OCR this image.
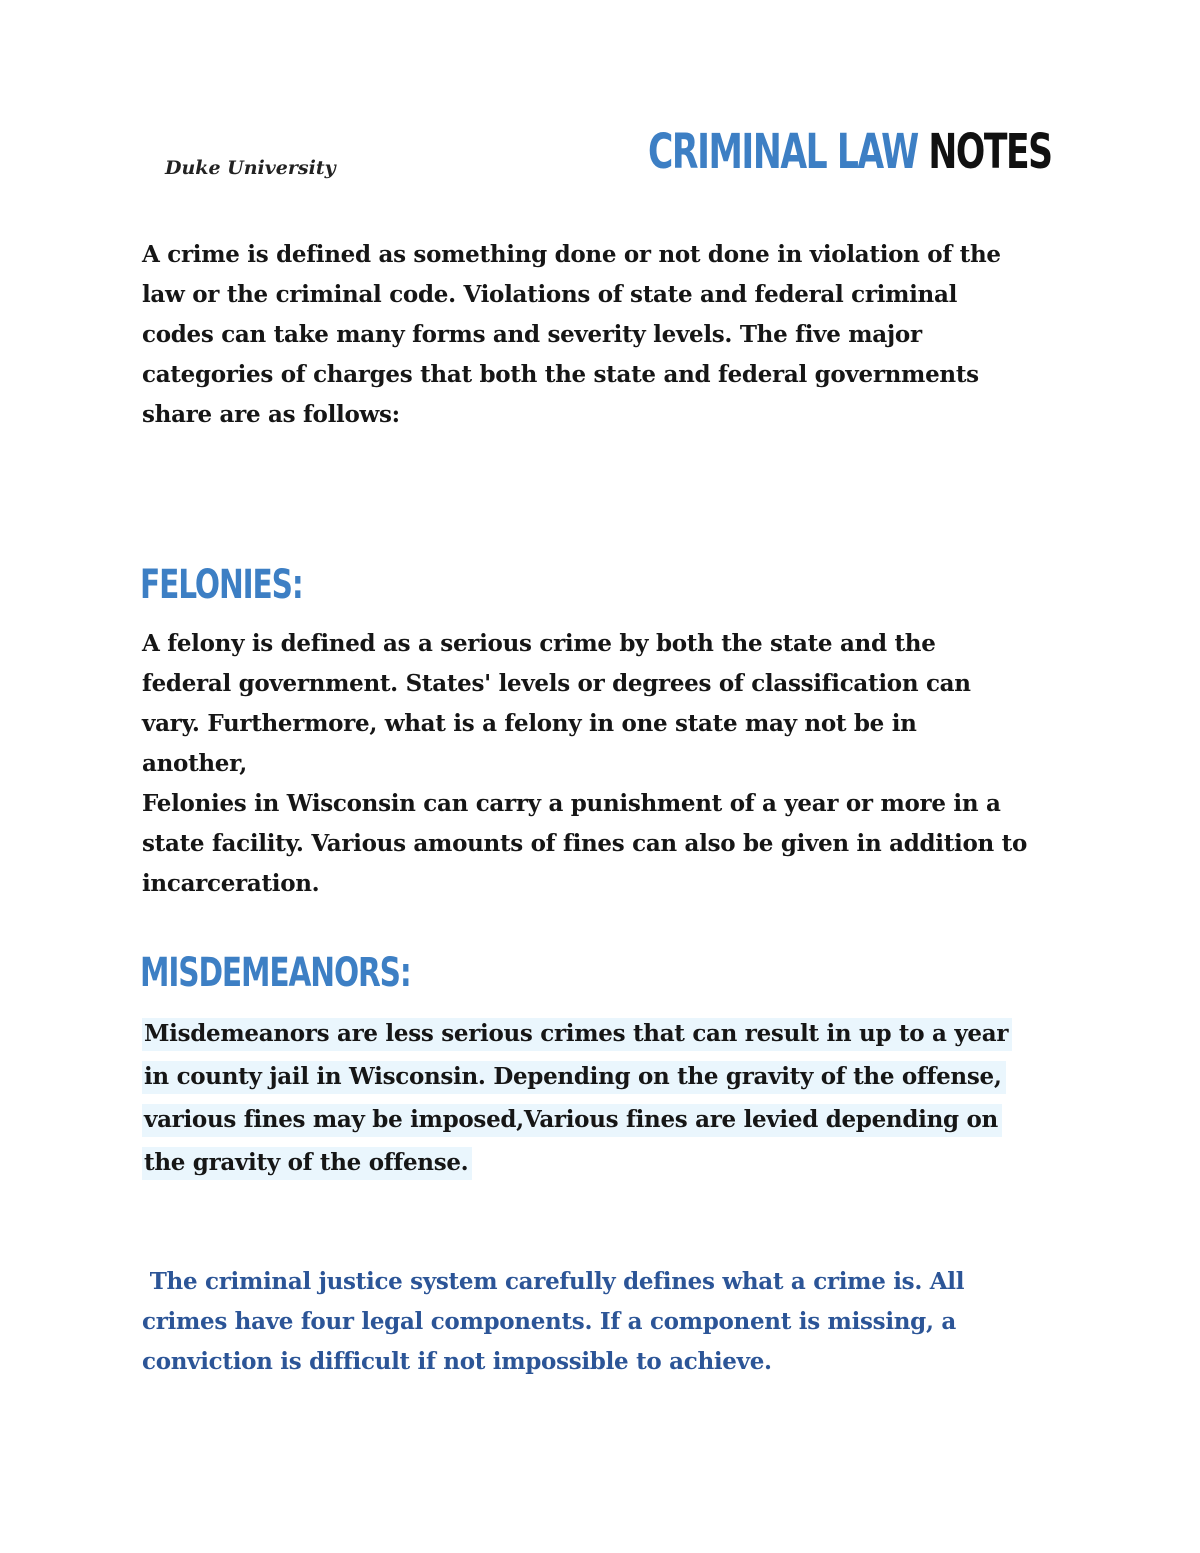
Duke University	CRIMINAL LAW NOTES
A crime is defined as something done or not done in violation of the
law or the criminal code. Violations of state and federal criminal
codes can take many forms and severity levels. The five major
categories of charges that both the state and federal governments
share are as follows:
FELONIES:
A felony is defined as a serious crime by both the state and the
federal government. States' levels or degrees of classification can
vary. Furthermore, what is a felony in one state may not be in
another,
Felonies in Wisconsin can carry a punishment of a year or more in a
state facility. Various amounts of fines can also be given in addition to
incarceration.
MISDEMEANORS:
Misdemeanors are less serious crimes that can result in up to a year
in county jail in Wisconsin. Depending on the gravity of the offense,
various fines may be imposed,Various fines are levied depending on
the gravity of the offense.
The criminal justice system carefully defines what a crime is. All
crimes have four legal components. If a component is missing, a
conviction is difficult if not impossible to achieve.
